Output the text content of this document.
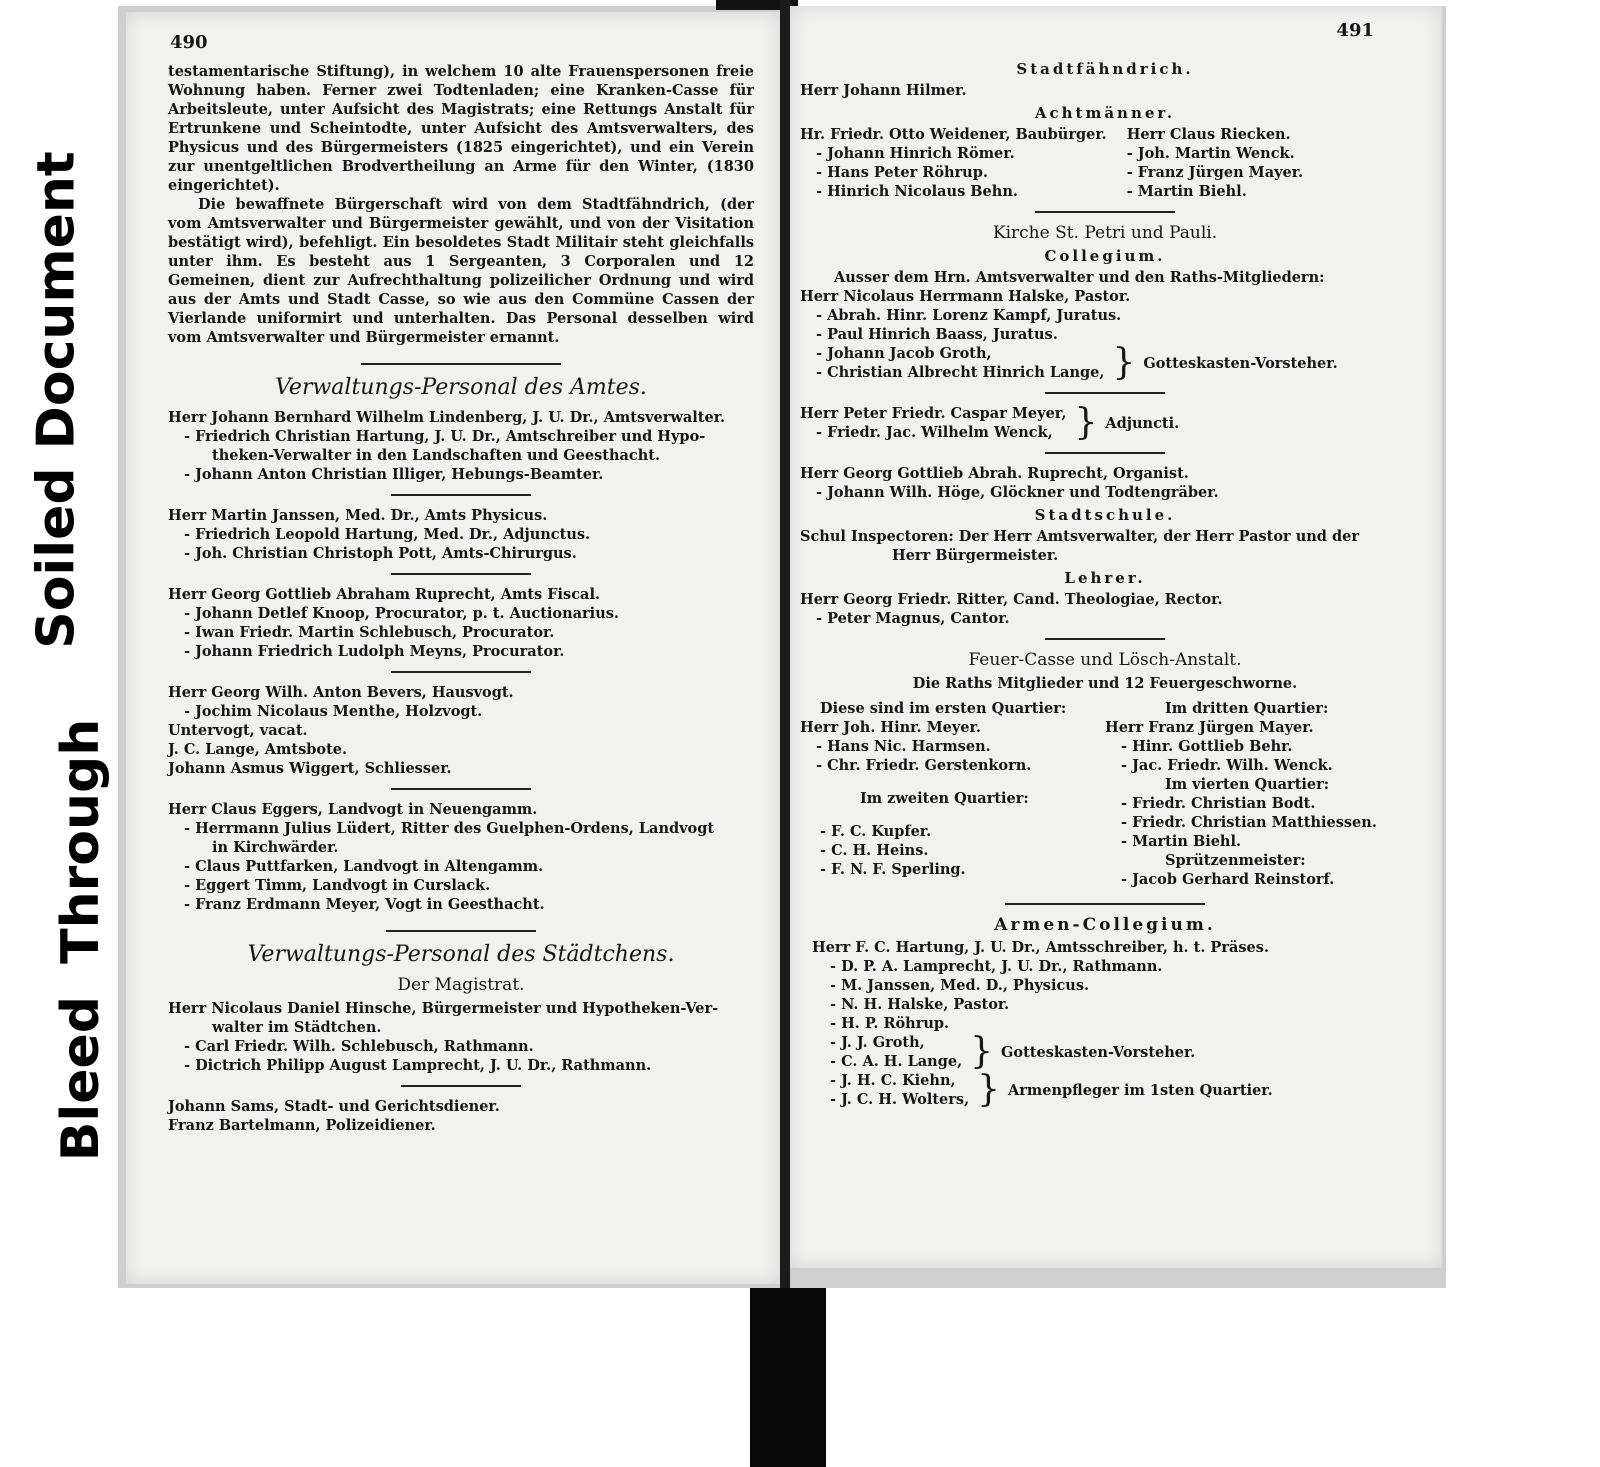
Soiled Document
Bleed Through
490

testamentarische Stiftung), in welchem 10 alte Frauenspersonen freie Wohnung haben. Ferner zwei Todtenladen; eine Kranken-Casse für Arbeitsleute, unter Aufsicht des Magistrats; eine Rettungs Anstalt für Ertrunkene und Scheintodte, unter Aufsicht des Amtsverwalters, des Physicus und des Bürgermeisters (1825 eingerichtet), und ein Verein zur unentgeltlichen Brodvertheilung an Arme für den Winter, (1830 eingerichtet).

Die bewaffnete Bürgerschaft wird von dem Stadtfähndrich, (der vom Amtsverwalter und Bürgermeister gewählt, und von der Visitation bestätigt wird), befehligt. Ein besoldetes Stadt Militair steht gleichfalls unter ihm. Es besteht aus 1 Sergeanten, 3 Corporalen und 12 Gemeinen, dient zur Aufrechthaltung polizeilicher Ordnung und wird aus der Amts und Stadt Casse, so wie aus den Commüne Cassen der Vierlande uniformirt und unterhalten. Das Personal desselben wird vom Amtsverwalter und Bürgermeister ernannt.

Verwaltungs-Personal des Amtes.
Herr Johann Bernhard Wilhelm Lindenberg, J. U. Dr., Amtsverwalter.
- Friedrich Christian Hartung, J. U. Dr., Amtschreiber und Hypo-
theken-Verwalter in den Landschaften und Geesthacht.
- Johann Anton Christian Illiger, Hebungs-Beamter.
Herr Martin Janssen, Med. Dr., Amts Physicus.
- Friedrich Leopold Hartung, Med. Dr., Adjunctus.
- Joh. Christian Christoph Pott, Amts-Chirurgus.
Herr Georg Gottlieb Abraham Ruprecht, Amts Fiscal.
- Johann Detlef Knoop, Procurator, p. t. Auctionarius.
- Iwan Friedr. Martin Schlebusch, Procurator.
- Johann Friedrich Ludolph Meyns, Procurator.
Herr Georg Wilh. Anton Bevers, Hausvogt.
- Jochim Nicolaus Menthe, Holzvogt.
Untervogt, vacat.
J. C. Lange, Amtsbote.
Johann Asmus Wiggert, Schliesser.
Herr Claus Eggers, Landvogt in Neuengamm.
- Herrmann Julius Lüdert, Ritter des Guelphen-Ordens, Landvogt
in Kirchwärder.
- Claus Puttfarken, Landvogt in Altengamm.
- Eggert Timm, Landvogt in Curslack.
- Franz Erdmann Meyer, Vogt in Geesthacht.
Verwaltungs-Personal des Städtchens.
Der Magistrat.
Herr Nicolaus Daniel Hinsche, Bürgermeister und Hypotheken-Ver-
walter im Städtchen.
- Carl Friedr. Wilh. Schlebusch, Rathmann.
- Dictrich Philipp August Lamprecht, J. U. Dr., Rathmann.
Johann Sams, Stadt- und Gerichtsdiener.
Franz Bartelmann, Polizeidiener.
491
Stadtfähndrich.
Herr Johann Hilmer.
Achtmänner.
Hr. Friedr. Otto Weidener, Baubürger.
- Johann Hinrich Römer.
- Hans Peter Röhrup.
- Hinrich Nicolaus Behn.
Herr Claus Riecken.
- Joh. Martin Wenck.
- Franz Jürgen Mayer.
- Martin Biehl.
Kirche St. Petri und Pauli.
Collegium.
Ausser dem Hrn. Amtsverwalter und den Raths-Mitgliedern:
Herr Nicolaus Herrmann Halske, Pastor.
- Abrah. Hinr. Lorenz Kampf, Juratus.
- Paul Hinrich Baass, Juratus.
- Johann Jacob Groth,
- Christian Albrecht Hinrich Lange, } Gotteskasten-Vorsteher.
Herr Peter Friedr. Caspar Meyer,
- Friedr. Jac. Wilhelm Wenck, } Adjuncti.
Herr Georg Gottlieb Abrah. Ruprecht, Organist.
- Johann Wilh. Höge, Glöckner und Todtengräber.
Stadtschule.
Schul Inspectoren: Der Herr Amtsverwalter, der Herr Pastor und der
Herr Bürgermeister.
Lehrer.
Herr Georg Friedr. Ritter, Cand. Theologiae, Rector.
- Peter Magnus, Cantor.
Feuer-Casse und Lösch-Anstalt.
Die Raths Mitglieder und 12 Feuergeschworne.
Diese sind im ersten Quartier:
Herr Joh. Hinr. Meyer.
- Hans Nic. Harmsen.
- Chr. Friedr. Gerstenkorn.
Im zweiten Quartier:
- F. C. Kupfer.
- C. H. Heins.
- F. N. F. Sperling.
Im dritten Quartier:
Herr Franz Jürgen Mayer.
- Hinr. Gottlieb Behr.
- Jac. Friedr. Wilh. Wenck.
Im vierten Quartier:
- Friedr. Christian Bodt.
- Friedr. Christian Matthiessen.
- Martin Biehl.
Sprützenmeister:
- Jacob Gerhard Reinstorf.
Armen-Collegium.
Herr F. C. Hartung, J. U. Dr., Amtsschreiber, h. t. Präses.
- D. P. A. Lamprecht, J. U. Dr., Rathmann.
- M. Janssen, Med. D., Physicus.
- N. H. Halske, Pastor.
- H. P. Röhrup.
- J. J. Groth,
- C. A. H. Lange, } Gotteskasten-Vorsteher.
- J. H. C. Kiehn,
- J. C. H. Wolters, } Armenpfleger im 1sten Quartier.
